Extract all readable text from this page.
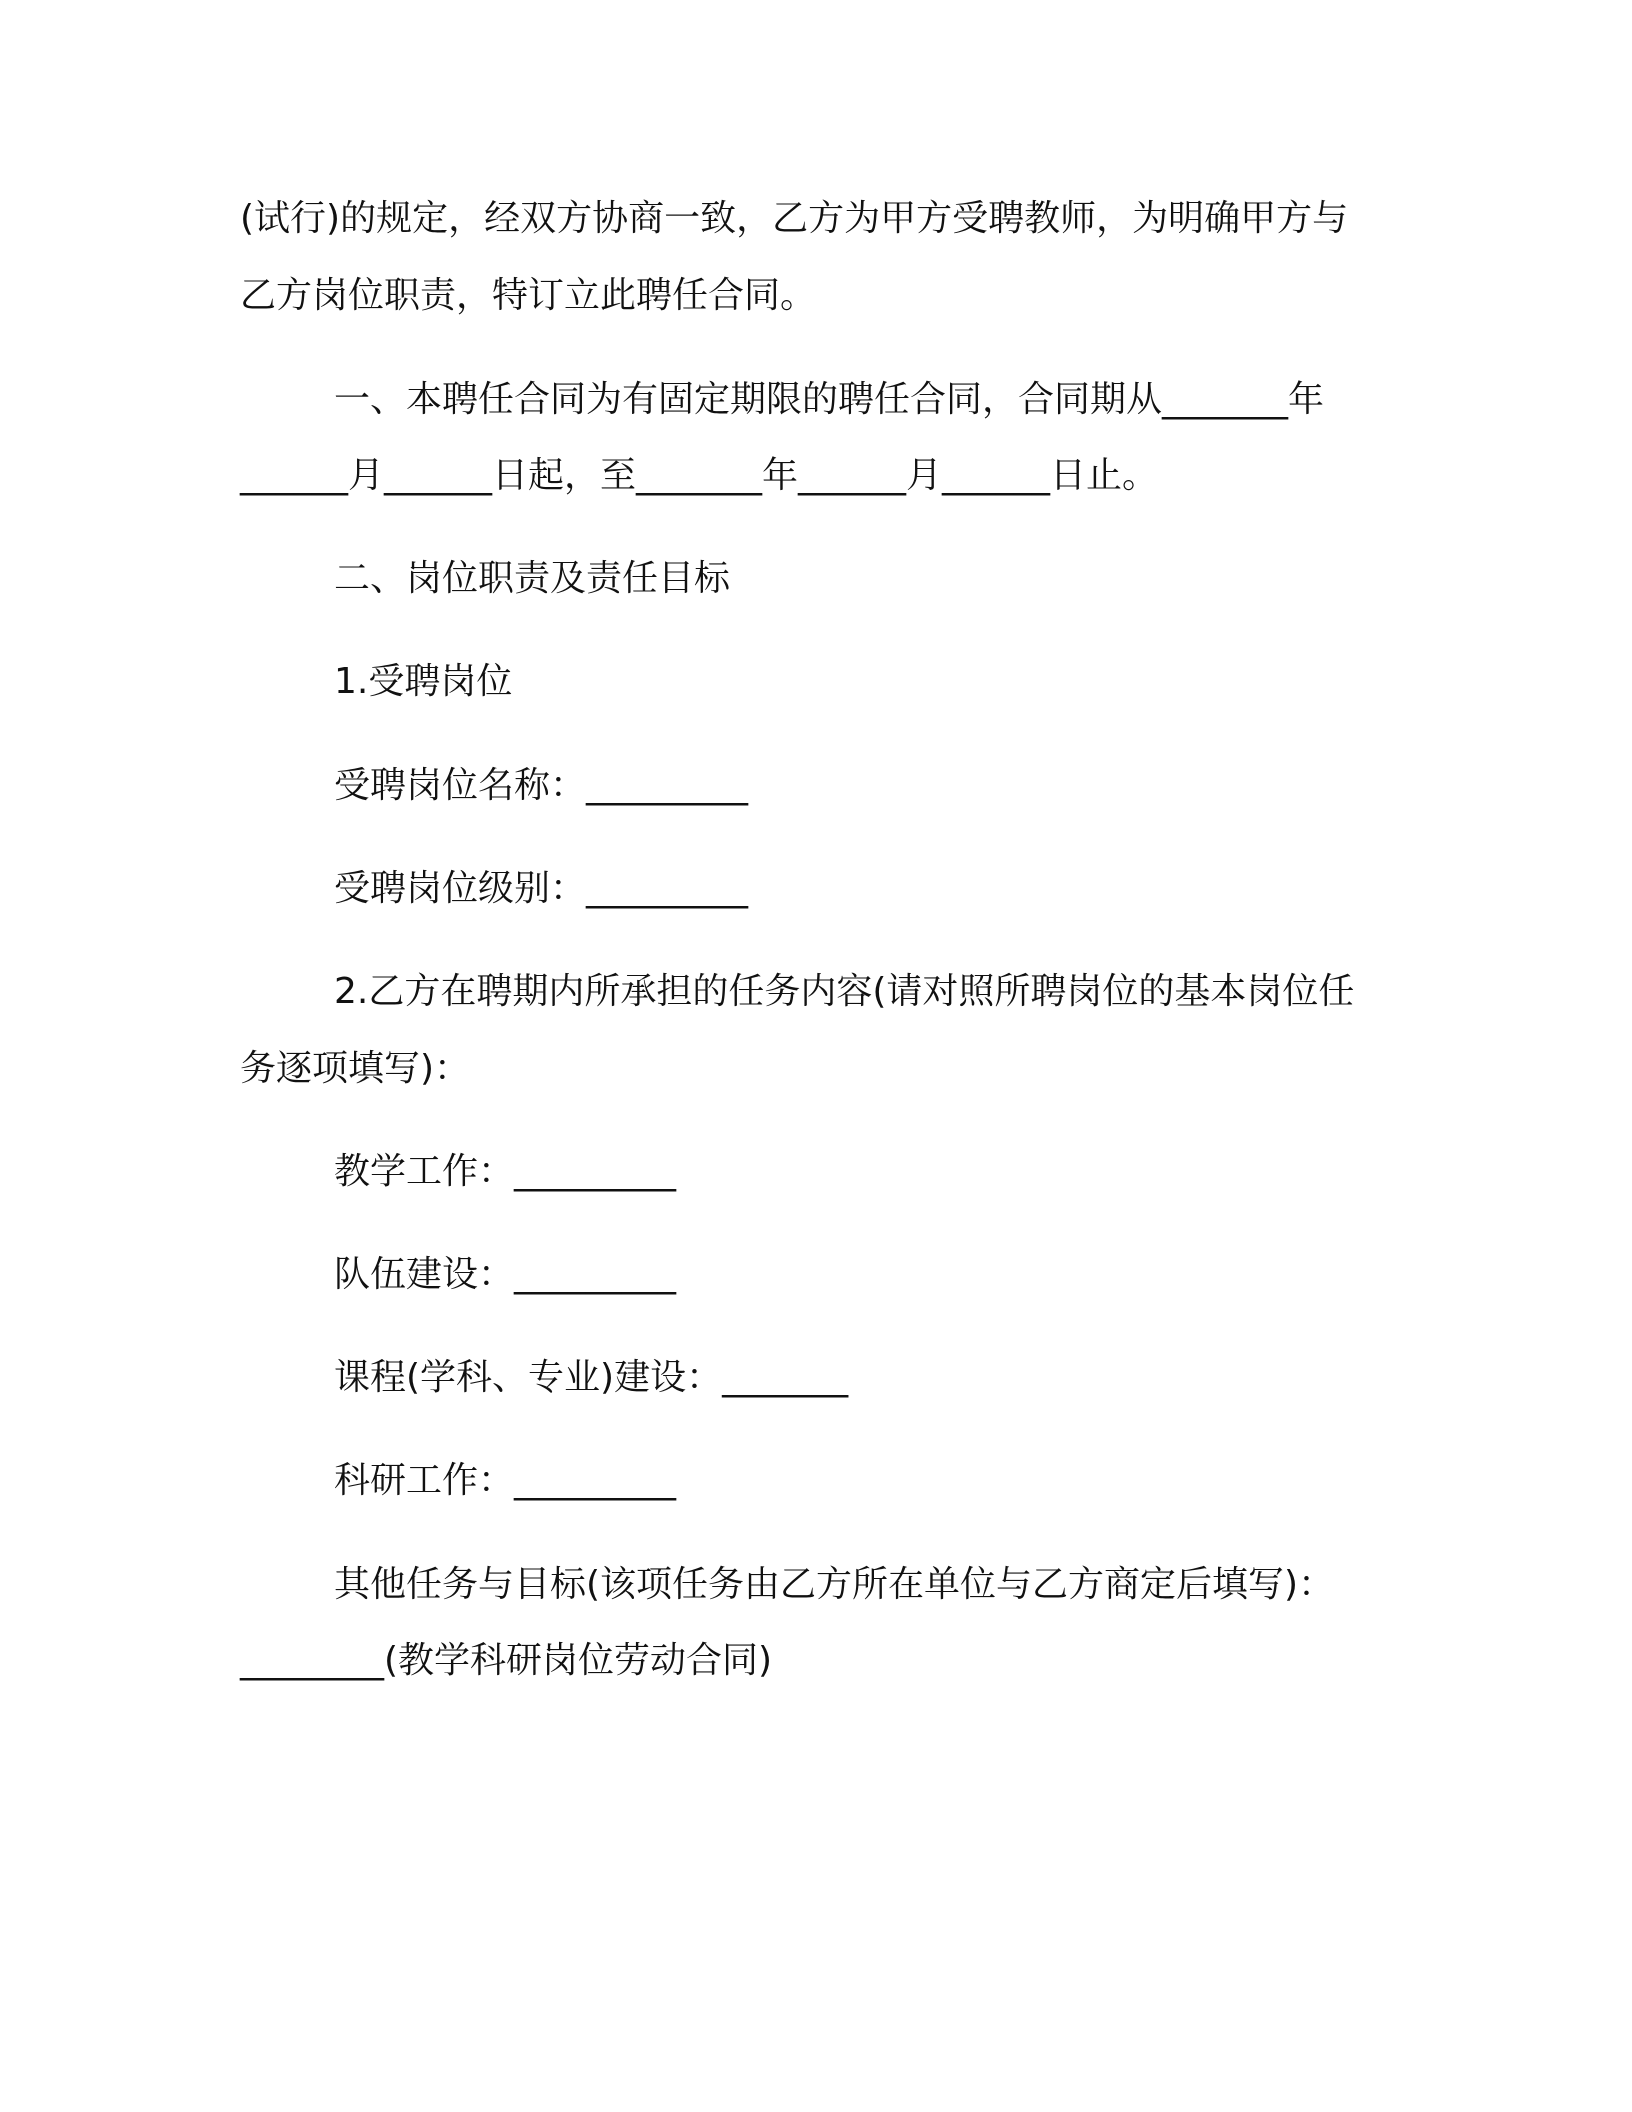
(试行)的规定，经双方协商一致，乙方为甲方受聘教师，为明确甲方与
乙方岗位职责，特订立此聘任合同。
一、本聘任合同为有固定期限的聘任合同，合同期从_______年
______月______日起，至_______年______月______日止。
二、岗位职责及责任目标
1.受聘岗位
受聘岗位名称：_________
受聘岗位级别：_________
2.乙方在聘期内所承担的任务内容(请对照所聘岗位的基本岗位任
务逐项填写)：
教学工作：_________
队伍建设：_________
课程(学科、专业)建设：_______
科研工作：_________
其他任务与目标(该项任务由乙方所在单位与乙方商定后填写)：
________(教学科研岗位劳动合同)
